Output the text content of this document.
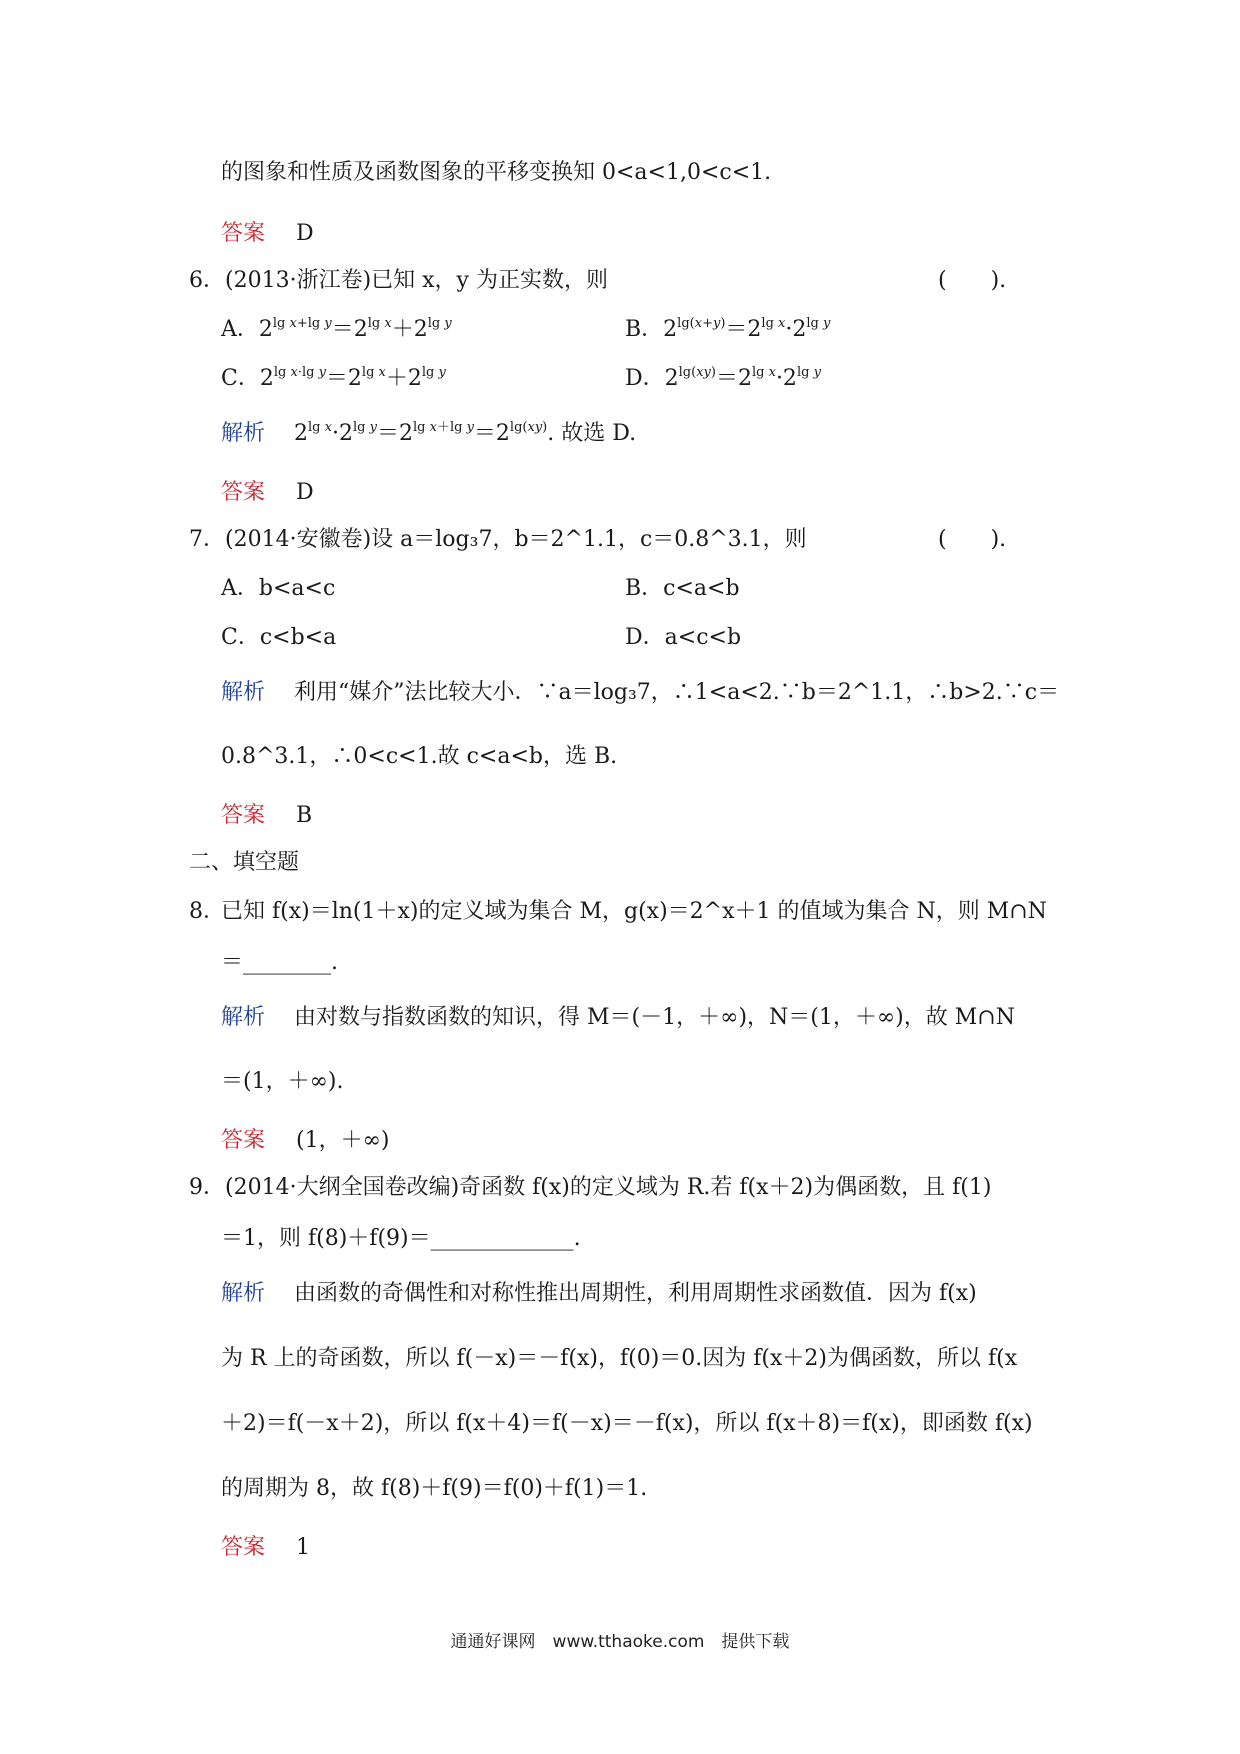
的图象和性质及函数图象的平移变换知 0<a<1,0<c<1.
答案 D
6． (2013·浙江卷)已知 x，y 为正实数，则	(　　).
A．$2^{lg x+lg y}=2^{lg x}+2^{lg y}$	B．$2^{lg(x+y)}=2^{lg x}\cdot 2^{lg y}$
C．$2^{lg x\cdot lg y}=2^{lg x}+2^{lg y}$	D．$2^{lg(xy)}=2^{lg x}\cdot 2^{lg y}$
解析 $2^{lg x}\cdot 2^{lg y}=2^{lg x+lg y}=2^{lg(xy)}$. 故选 D.
答案 D
7． (2014·安徽卷)设 a＝log₃7，b＝2^1.1，c＝0.8^3.1，则	(　　).
A．b<a<c	B．c<a<b
C．c<b<a	D．a<c<b
解析 利用“媒介”法比较大小．∵a＝log₃7，∴1<a<2.∵b＝2^1.1，∴b>2.∵c＝
0.8^3.1，∴0<c<1.故 c<a<b，选 B.
答案 B
二、填空题
8．
已知 f(x)＝ln(1＋x)的定义域为集合 M，g(x)＝2^x＋1 的值域为集合 N，则 M∩N
＝________.
解析 由对数与指数函数的知识，得 M＝(－1，＋∞)，N＝(1，＋∞)，故 M∩N
＝(1，＋∞).
答案 (1，＋∞)
9． (2014·大纲全国卷改编)奇函数 f(x)的定义域为 R.若 f(x＋2)为偶函数，且 f(1)
＝1，则 f(8)＋f(9)＝_____________.
解析 由函数的奇偶性和对称性推出周期性，利用周期性求函数值．因为 f(x)
为 R 上的奇函数，所以 f(－x)＝－f(x)，f(0)＝0.因为 f(x＋2)为偶函数，所以 f(x
＋2)＝f(－x＋2)，所以 f(x＋4)＝f(－x)＝－f(x)，所以 f(x＋8)＝f(x)，即函数 f(x)
的周期为 8，故 f(8)＋f(9)＝f(0)＋f(1)＝1.
答案 1
通通好课网　www.tthaoke.com　提供下载
